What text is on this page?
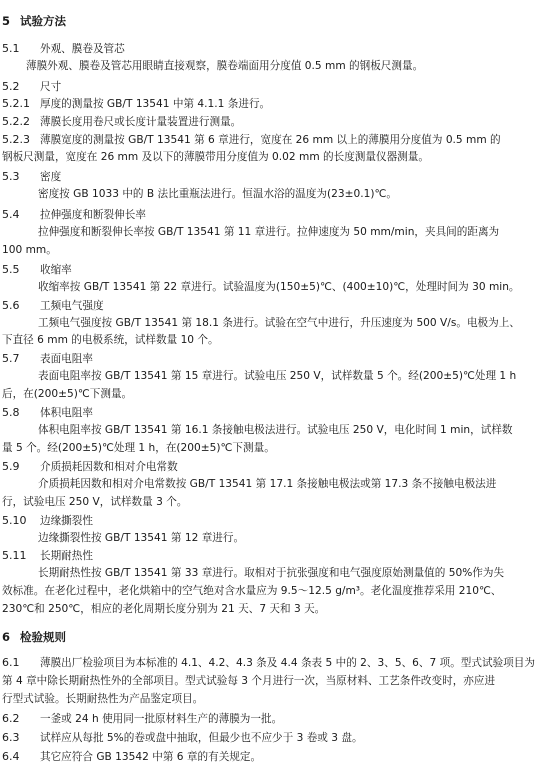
5 试验方法
5.1 外观、膜卷及管芯
薄膜外观、膜卷及管芯用眼睛直接观察，膜卷端面用分度值 0.5 mm 的钢板尺测量。
5.2 尺寸
5.2.1 厚度的测量按 GB/T 13541 中第 4.1.1 条进行。
5.2.2 薄膜长度用卷尺或长度计量装置进行测量。
5.2.3 薄膜宽度的测量按 GB/T 13541 第 6 章进行，宽度在 26 mm 以上的薄膜用分度值为 0.5 mm 的
钢板尺测量，宽度在 26 mm 及以下的薄膜带用分度值为 0.02 mm 的长度测量仪器测量。
5.3 密度
密度按 GB 1033 中的 B 法比重瓶法进行。恒温水浴的温度为(23±0.1)℃。
5.4 拉伸强度和断裂伸长率
拉伸强度和断裂伸长率按 GB/T 13541 第 11 章进行。拉伸速度为 50 mm/min，夹具间的距离为
100 mm。
5.5 收缩率
收缩率按 GB/T 13541 第 22 章进行。试验温度为(150±5)℃、(400±10)℃，处理时间为 30 min。
5.6 工频电气强度
工频电气强度按 GB/T 13541 第 18.1 条进行。试验在空气中进行，升压速度为 500 V/s。电极为上、
下直径 6 mm 的电极系统，试样数量 10 个。
5.7 表面电阻率
表面电阻率按 GB/T 13541 第 15 章进行。试验电压 250 V，试样数量 5 个。经(200±5)℃处理 1 h
后，在(200±5)℃下测量。
5.8 体积电阻率
体积电阻率按 GB/T 13541 第 16.1 条接触电极法进行。试验电压 250 V，电化时间 1 min，试样数
量 5 个。经(200±5)℃处理 1 h，在(200±5)℃下测量。
5.9 介质损耗因数和相对介电常数
介质损耗因数和相对介电常数按 GB/T 13541 第 17.1 条接触电极法或第 17.3 条不接触电极法进
行，试验电压 250 V，试样数量 3 个。
5.10 边缘撕裂性
边缘撕裂性按 GB/T 13541 第 12 章进行。
5.11 长期耐热性
长期耐热性按 GB/T 13541 第 33 章进行。取相对于抗张强度和电气强度原始测量值的 50%作为失
效标准。在老化过程中，老化烘箱中的空气绝对含水量应为 9.5～12.5 g/m³。老化温度推荐采用 210℃、
230℃和 250℃，相应的老化周期长度分别为 21 天、7 天和 3 天。
6 检验规则
6.1 薄膜出厂检验项目为本标准的 4.1、4.2、4.3 条及 4.4 条表 5 中的 2、3、5、6、7 项。型式试验项目为
第 4 章中除长期耐热性外的全部项目。型式试验每 3 个月进行一次，当原材料、工艺条件改变时，亦应进
行型式试验。长期耐热性为产品鉴定项目。
6.2 一釜或 24 h 使用同一批原材料生产的薄膜为一批。
6.3 试样应从每批 5%的卷或盘中抽取，但最少也不应少于 3 卷或 3 盘。
6.4 其它应符合 GB 13542 中第 6 章的有关规定。
